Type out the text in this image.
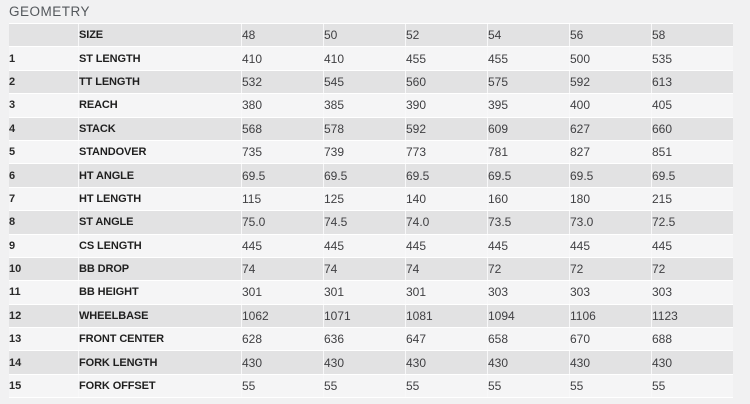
GEOMETRY
	SIZE	48	50	52	54	56	58
1	ST LENGTH	410	410	455	455	500	535
2	TT LENGTH	532	545	560	575	592	613
3	REACH	380	385	390	395	400	405
4	STACK	568	578	592	609	627	660
5	STANDOVER	735	739	773	781	827	851
6	HT ANGLE	69.5	69.5	69.5	69.5	69.5	69.5
7	HT LENGTH	115	125	140	160	180	215
8	ST ANGLE	75.0	74.5	74.0	73.5	73.0	72.5
9	CS LENGTH	445	445	445	445	445	445
10	BB DROP	74	74	74	72	72	72
11	BB HEIGHT	301	301	301	303	303	303
12	WHEELBASE	1062	1071	1081	1094	1106	1123
13	FRONT CENTER	628	636	647	658	670	688
14	FORK LENGTH	430	430	430	430	430	430
15	FORK OFFSET	55	55	55	55	55	55
